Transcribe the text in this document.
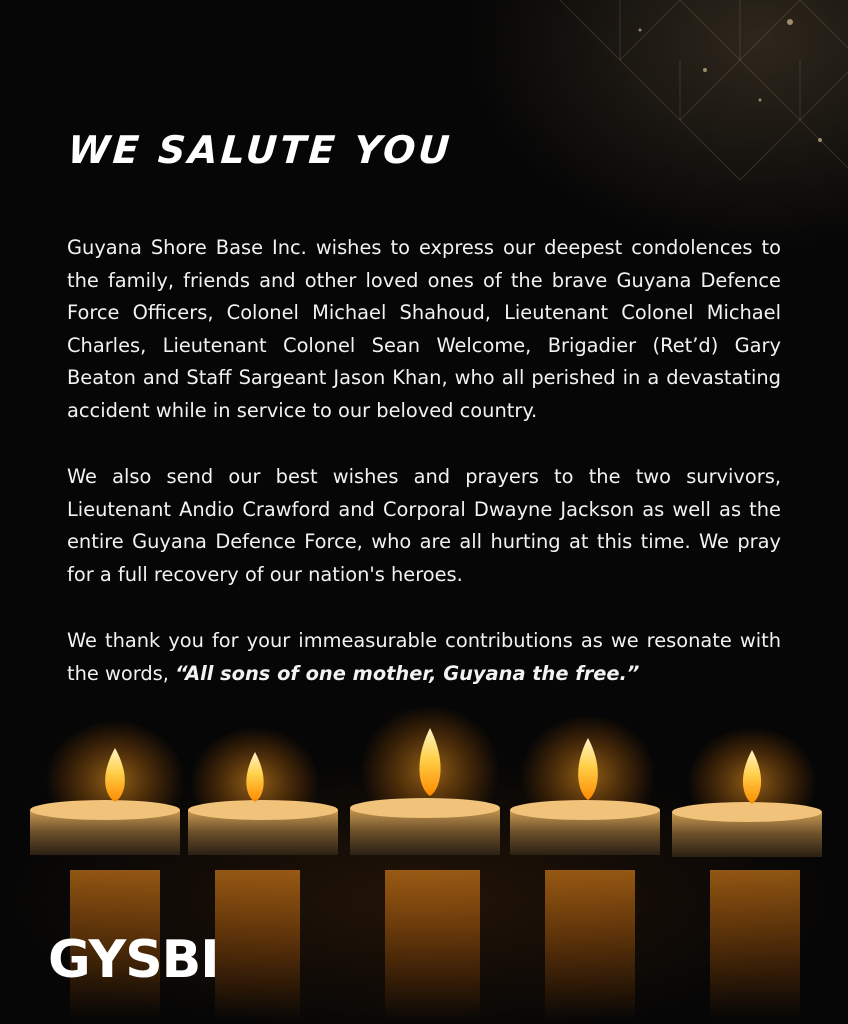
WE SALUTE YOU

Guyana Shore Base Inc. wishes to express our deepest condolences to the family, friends and other loved ones of the brave Guyana Defence Force Officers, Colonel Michael Shahoud, Lieutenant Colonel Michael Charles, Lieutenant Colonel Sean Welcome, Brigadier (Ret’d) Gary Beaton and Staff Sargeant Jason Khan, who all perished in a devastating accident while in service to our beloved country.

We also send our best wishes and prayers to the two survivors, Lieutenant Andio Crawford and Corporal Dwayne Jackson as well as the entire Guyana Defence Force, who are all hurting at this time. We pray for a full recovery of our nation's heroes.

We thank you for your immeasurable contributions as we resonate with the words, “All sons of one mother, Guyana the free.”

GYSBI
